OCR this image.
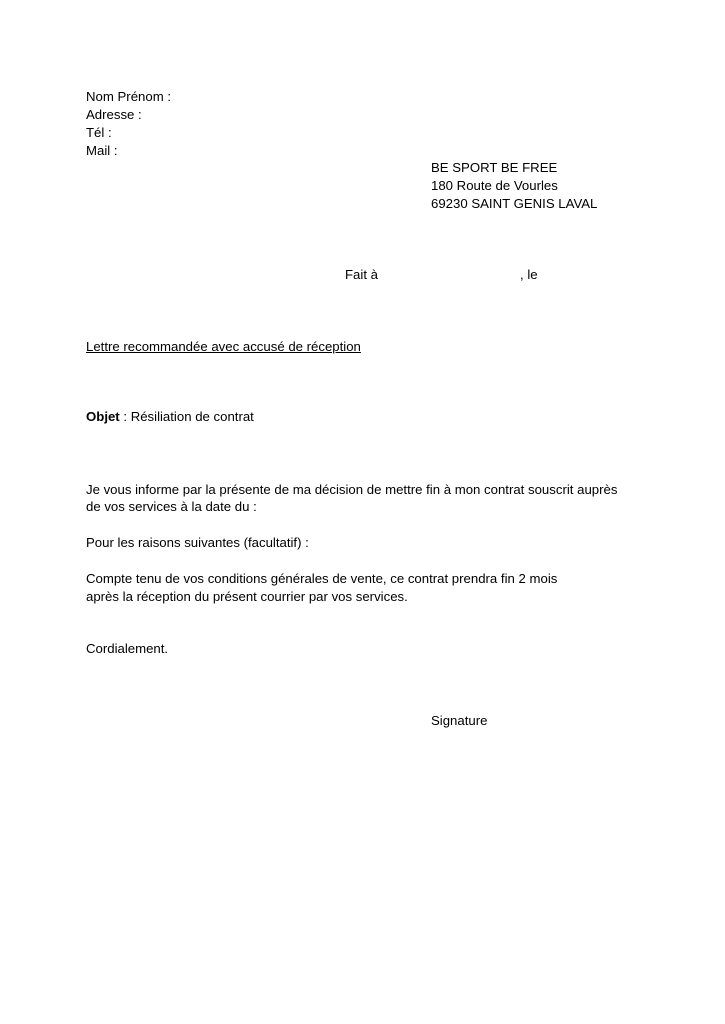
Nom Prénom :
Adresse :
Tél :
Mail :
BE SPORT BE FREE
180 Route de Vourles
69230 SAINT GENIS LAVAL
Fait à	, le
Lettre recommandée avec accusé de réception
Objet : Résiliation de contrat
Je vous informe par la présente de ma décision de mettre fin à mon contrat souscrit auprès
de vos services à la date du :
Pour les raisons suivantes (facultatif) :
Compte tenu de vos conditions générales de vente, ce contrat prendra fin 2 mois
après la réception du présent courrier par vos services.
Cordialement.
Signature
